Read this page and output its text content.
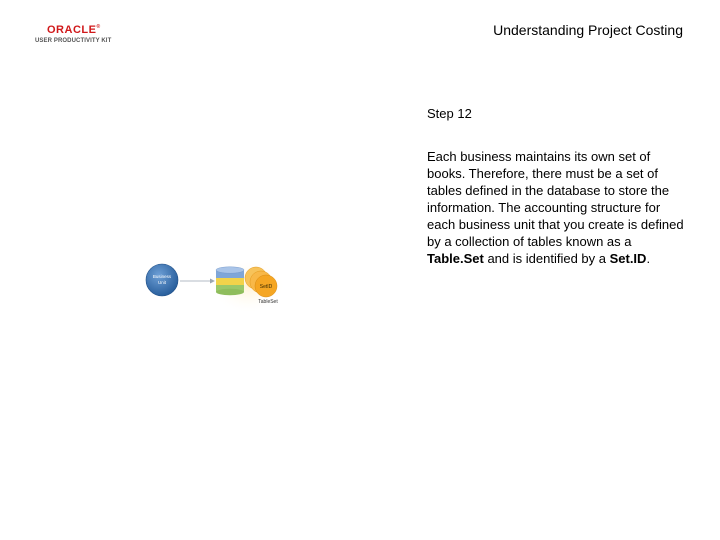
ORACLE®
USER PRODUCTIVITY KIT
Understanding Project Costing
Step 12
Each business maintains its own set of books. Therefore, there must be a set of tables defined in the database to store the information. The accounting structure for each business unit that you create is defined by a collection of tables known as a Table.Set and is identified by a Set.ID.
Business
Unit
SetID
TableSet
